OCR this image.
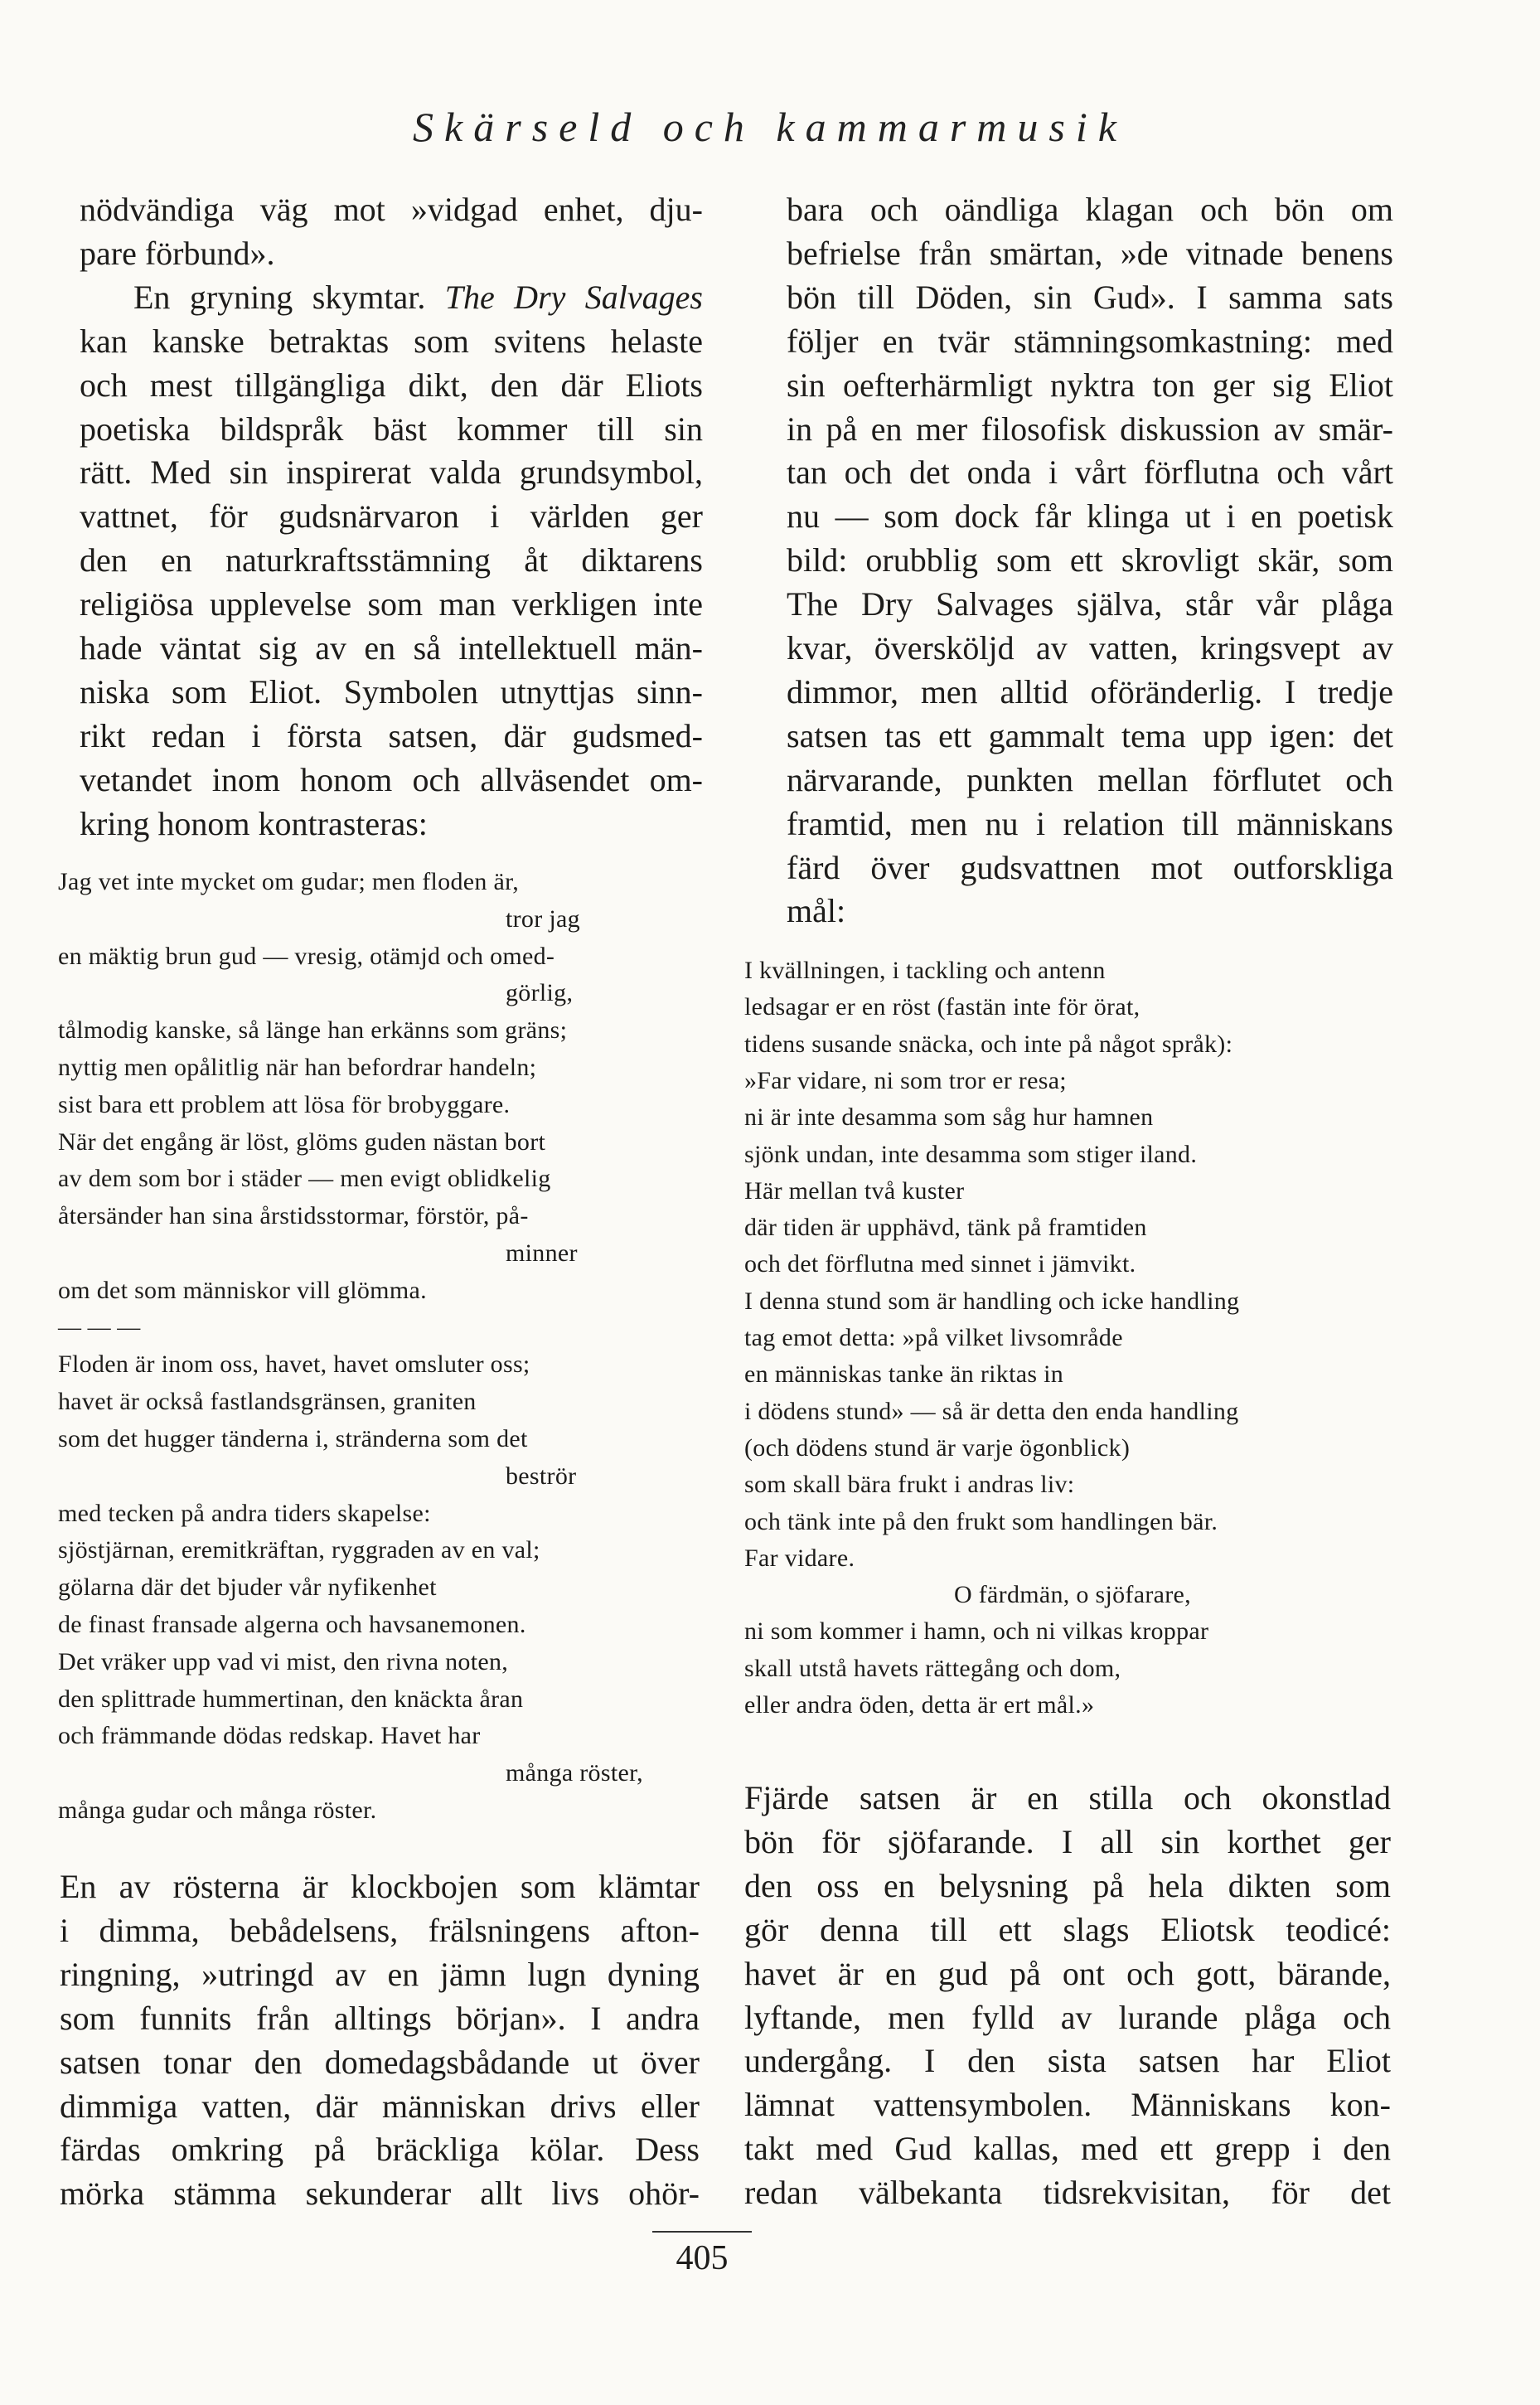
Skärseld och kammarmusik
nödvändiga väg mot »vidgad enhet, dju-
pare förbund».
En gryning skymtar. The Dry Salvages
kan kanske betraktas som svitens helaste
och mest tillgängliga dikt, den där Eliots
poetiska bildspråk bäst kommer till sin
rätt. Med sin inspirerat valda grundsymbol,
vattnet, för gudsnärvaron i världen ger
den en naturkraftsstämning åt diktarens
religiösa upplevelse som man verkligen inte
hade väntat sig av en så intellektuell män-
niska som Eliot. Symbolen utnyttjas sinn-
rikt redan i första satsen, där gudsmed-
vetandet inom honom och allväsendet om-
kring honom kontrasteras:
Jag vet inte mycket om gudar; men floden är,
tror jag
en mäktig brun gud — vresig, otämjd och omed-
görlig,
tålmodig kanske, så länge han erkänns som gräns;
nyttig men opålitlig när han befordrar handeln;
sist bara ett problem att lösa för brobyggare.
När det engång är löst, glöms guden nästan bort
av dem som bor i städer — men evigt oblidkelig
återsänder han sina årstidsstormar, förstör, på-
minner
om det som människor vill glömma.
— — —
Floden är inom oss, havet, havet omsluter oss;
havet är också fastlandsgränsen, graniten
som det hugger tänderna i, stränderna som det
beströr
med tecken på andra tiders skapelse:
sjöstjärnan, eremitkräftan, ryggraden av en val;
gölarna där det bjuder vår nyfikenhet
de finast fransade algerna och havsanemonen.
Det vräker upp vad vi mist, den rivna noten,
den splittrade hummertinan, den knäckta åran
och främmande dödas redskap. Havet har
många röster,
många gudar och många röster.
En av rösterna är klockbojen som klämtar
i dimma, bebådelsens, frälsningens afton-
ringning, »utringd av en jämn lugn dyning
som funnits från alltings början». I andra
satsen tonar den domedagsbådande ut över
dimmiga vatten, där människan drivs eller
färdas omkring på bräckliga kölar. Dess
mörka stämma sekunderar allt livs ohör-
bara och oändliga klagan och bön om
befrielse från smärtan, »de vitnade benens
bön till Döden, sin Gud». I samma sats
följer en tvär stämningsomkastning: med
sin oefterhärmligt nyktra ton ger sig Eliot
in på en mer filosofisk diskussion av smär-
tan och det onda i vårt förflutna och vårt
nu — som dock får klinga ut i en poetisk
bild: orubblig som ett skrovligt skär, som
The Dry Salvages själva, står vår plåga
kvar, översköljd av vatten, kringsvept av
dimmor, men alltid oföränderlig. I tredje
satsen tas ett gammalt tema upp igen: det
närvarande, punkten mellan förflutet och
framtid, men nu i relation till människans
färd över gudsvattnen mot outforskliga
mål:
I kvällningen, i tackling och antenn
ledsagar er en röst (fastän inte för örat,
tidens susande snäcka, och inte på något språk):
»Far vidare, ni som tror er resa;
ni är inte desamma som såg hur hamnen
sjönk undan, inte desamma som stiger iland.
Här mellan två kuster
där tiden är upphävd, tänk på framtiden
och det förflutna med sinnet i jämvikt.
I denna stund som är handling och icke handling
tag emot detta: »på vilket livsområde
en människas tanke än riktas in
i dödens stund» — så är detta den enda handling
(och dödens stund är varje ögonblick)
som skall bära frukt i andras liv:
och tänk inte på den frukt som handlingen bär.
Far vidare.
O färdmän, o sjöfarare,
ni som kommer i hamn, och ni vilkas kroppar
skall utstå havets rättegång och dom,
eller andra öden, detta är ert mål.»
Fjärde satsen är en stilla och okonstlad
bön för sjöfarande. I all sin korthet ger
den oss en belysning på hela dikten som
gör denna till ett slags Eliotsk teodicé:
havet är en gud på ont och gott, bärande,
lyftande, men fylld av lurande plåga och
undergång. I den sista satsen har Eliot
lämnat vattensymbolen. Människans kon-
takt med Gud kallas, med ett grepp i den
redan välbekanta tidsrekvisitan, för det
405
